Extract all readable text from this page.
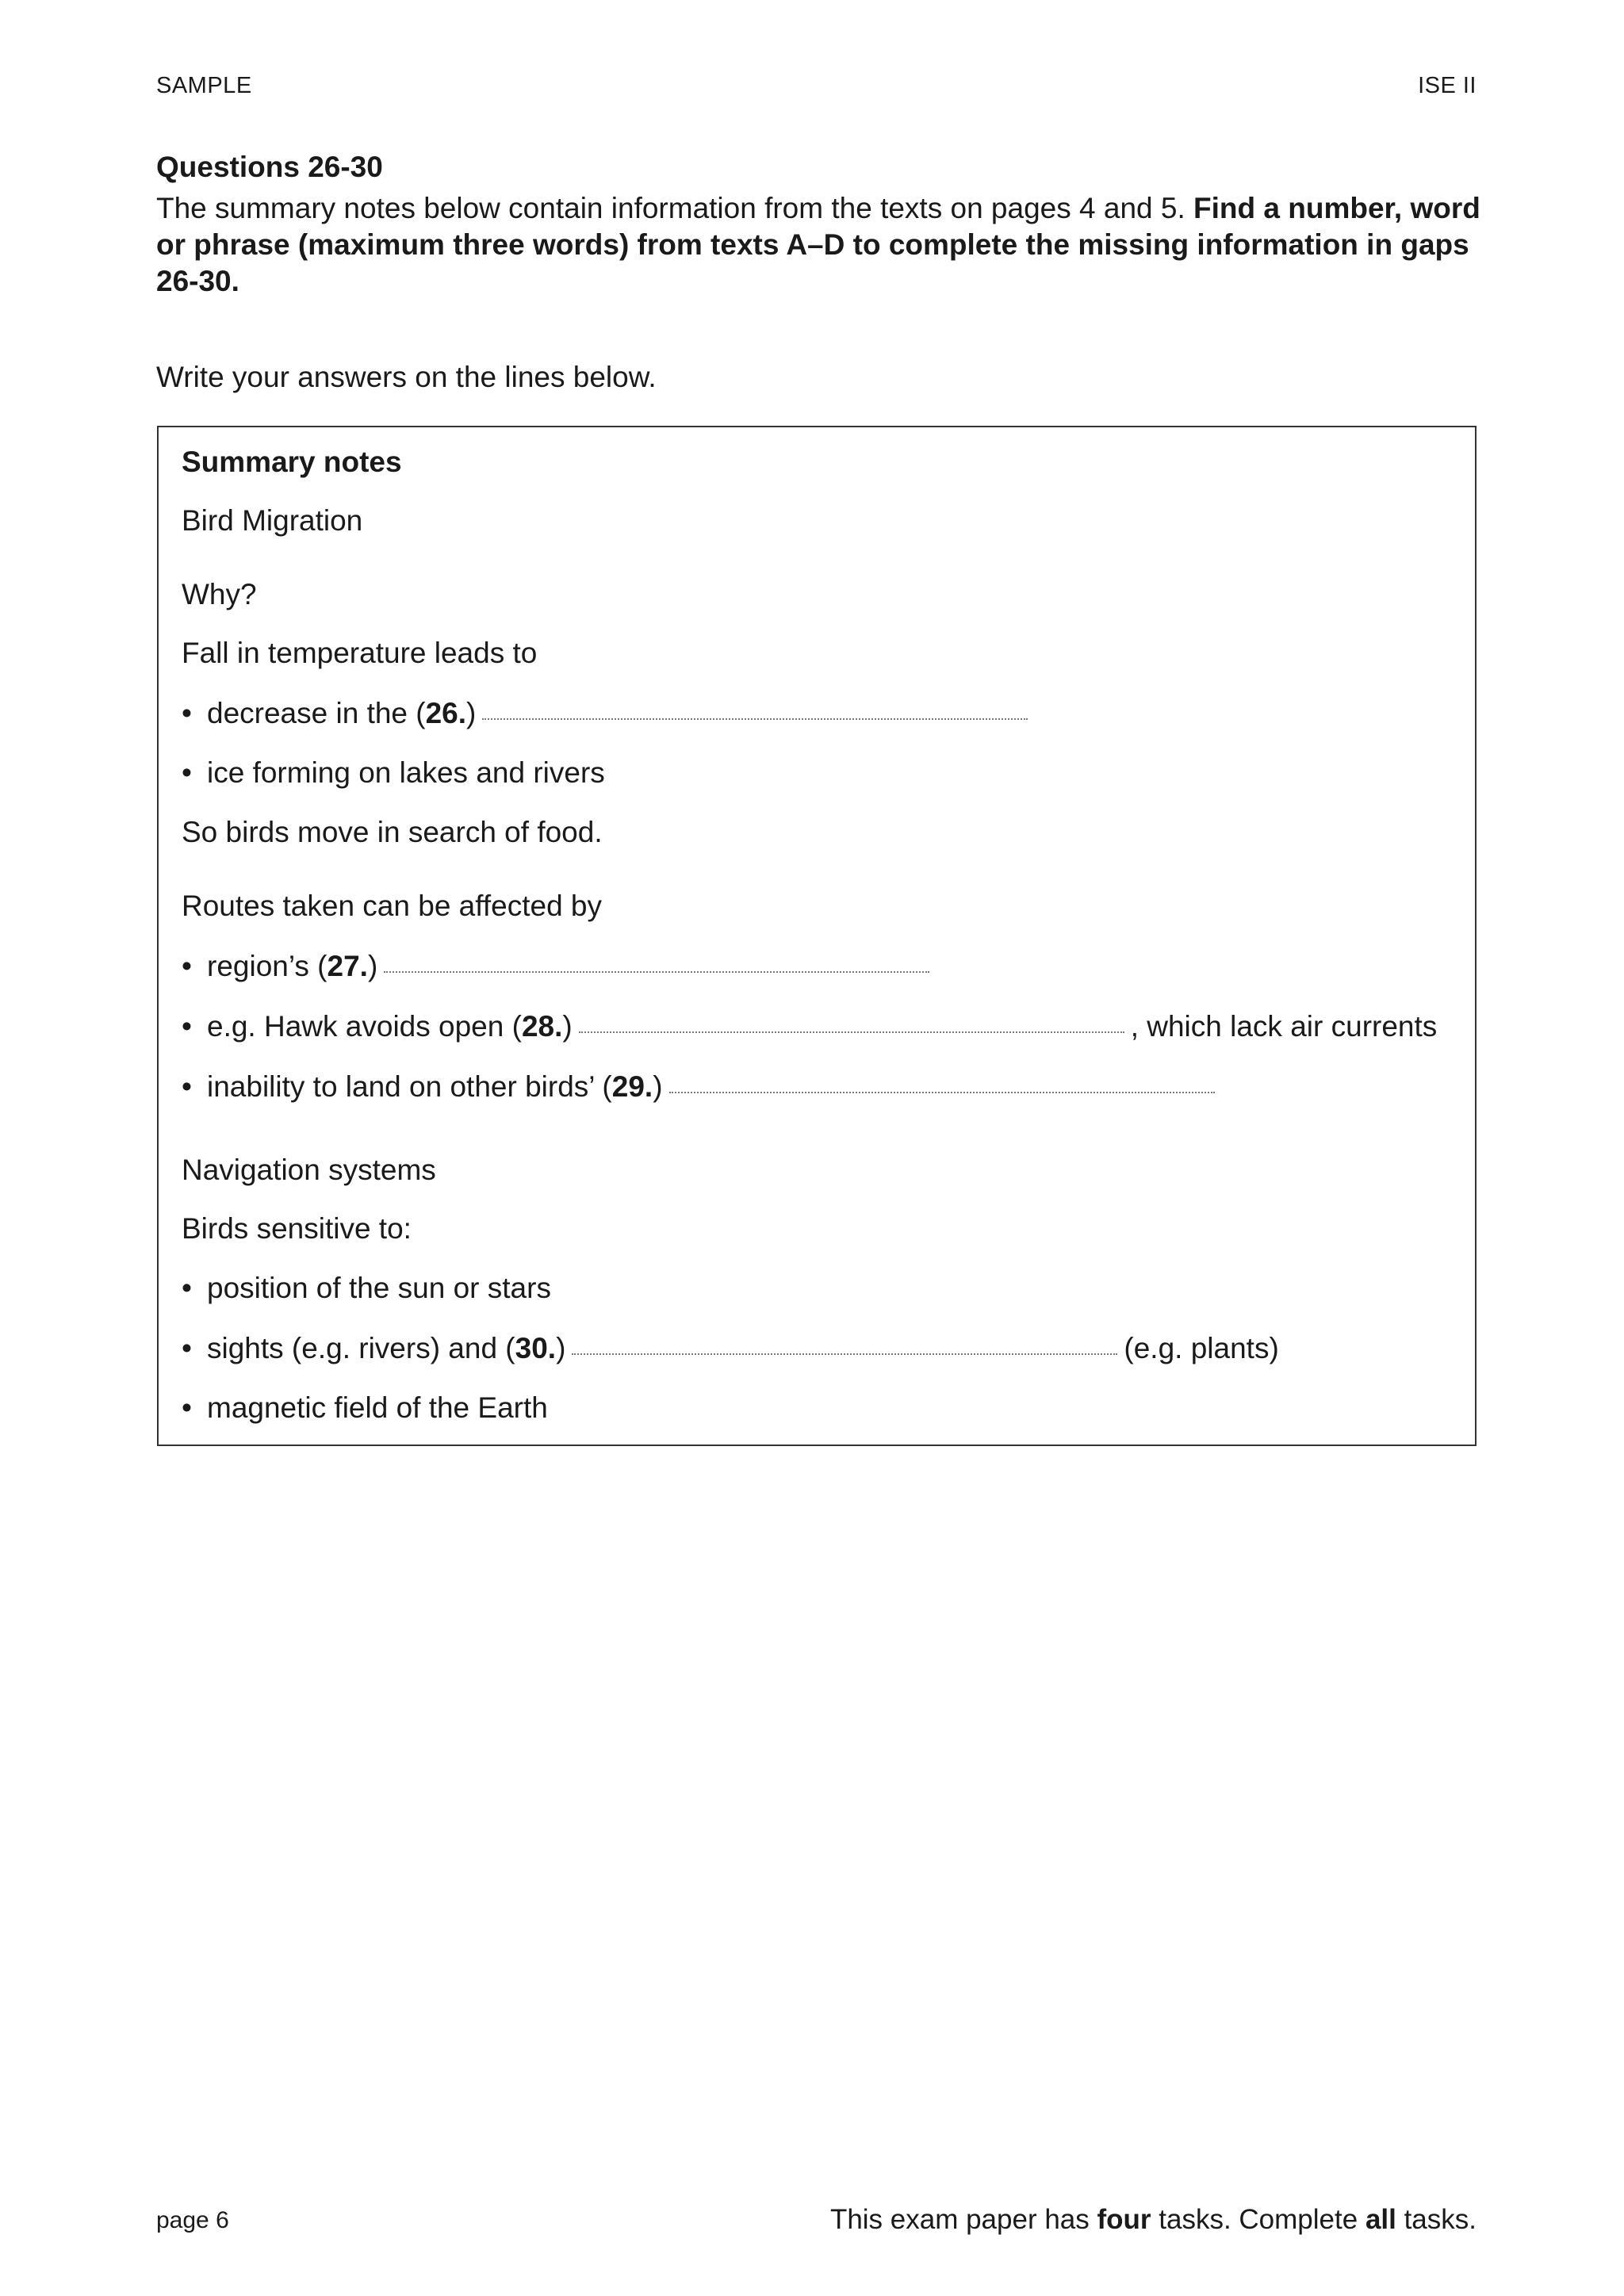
SAMPLE	ISE II
Questions 26-30
The summary notes below contain information from the texts on pages 4 and 5. Find a number, word or phrase (maximum three words) from texts A–D to complete the missing information in gaps 26-30.
Write your answers on the lines below.
Summary notes
Bird Migration
Why?
Fall in temperature leads to
• decrease in the ( 26. )
• ice forming on lakes and rivers
So birds move in search of food.
Routes taken can be affected by
• region’s ( 27. )
• e.g. Hawk avoids open ( 28. )	, which lack air currents
• inability to land on other birds’ ( 29. )
Navigation systems
Birds sensitive to:
• position of the sun or stars
• sights (e.g. rivers) and ( 30. )	(e.g. plants)
• magnetic field of the Earth
page 6	This exam paper has four tasks. Complete all tasks.
